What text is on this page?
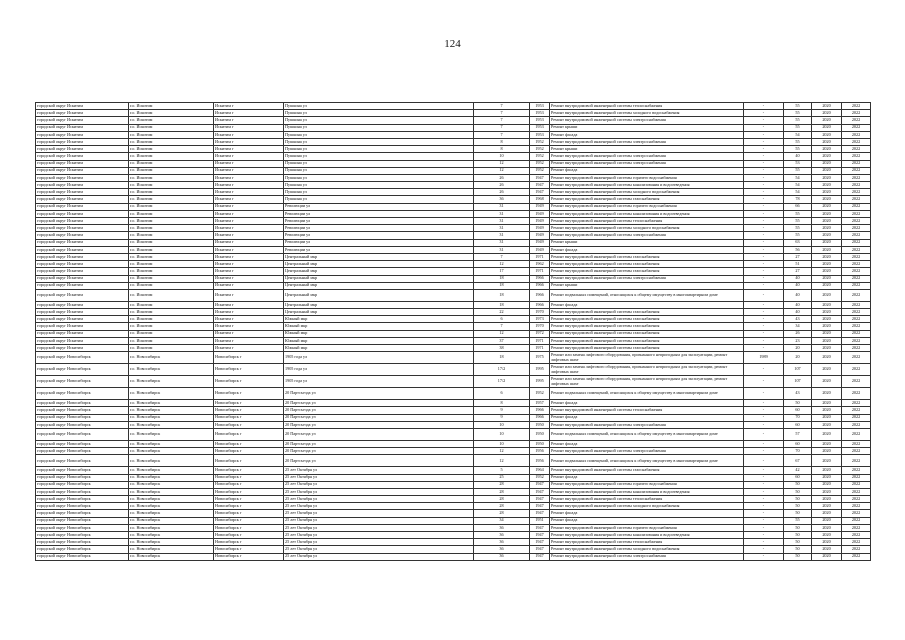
124
городской округ Искитим	г.о. Искитим	Искитим г	Пушкина ул	7	1953	Ремонт внутридомовой инженерной системы теплоснабжения	-	55	2020	2022
городской округ Искитим	г.о. Искитим	Искитим г	Пушкина ул	7	1953	Ремонт внутридомовой инженерной системы холодного водоснабжения	-	55	2020	2022
городской округ Искитим	г.о. Искитим	Искитим г	Пушкина ул	7	1953	Ремонт внутридомовой инженерной системы электроснабжения	-	55	2020	2022
городской округ Искитим	г.о. Искитим	Искитим г	Пушкина ул	7	1953	Ремонт крыши	-	55	2020	2022
городской округ Искитим	г.о. Искитим	Искитим г	Пушкина ул	7	1953	Ремонт фасада	-	54	2020	2022
городской округ Искитим	г.о. Искитим	Искитим г	Пушкина ул	8	1952	Ремонт внутридомовой инженерной системы электроснабжения	-	55	2020	2022
городской округ Искитим	г.о. Искитим	Искитим г	Пушкина ул	8	1952	Ремонт крыши	-	55	2020	2022
городской округ Искитим	г.о. Искитим	Искитим г	Пушкина ул	10	1952	Ремонт внутридомовой инженерной системы электроснабжения	-	40	2020	2022
городской округ Искитим	г.о. Искитим	Искитим г	Пушкина ул	12	1952	Ремонт внутридомовой инженерной системы электроснабжения	-	53	2020	2022
городской округ Искитим	г.о. Искитим	Искитим г	Пушкина ул	12	1952	Ремонт фасада	-	55	2020	2022
городской округ Искитим	г.о. Искитим	Искитим г	Пушкина ул	26	1947	Ремонт внутридомовой инженерной системы горячего водоснабжения	-	54	2020	2022
городской округ Искитим	г.о. Искитим	Искитим г	Пушкина ул	26	1947	Ремонт внутридомовой инженерной системы канализования и водоотведения	-	54	2020	2022
городской округ Искитим	г.о. Искитим	Искитим г	Пушкина ул	26	1947	Ремонт внутридомовой инженерной системы холодного водоснабжения	-	54	2020	2022
городской округ Искитим	г.о. Искитим	Искитим г	Пушкина ул	36	1968	Ремонт внутридомовой инженерной системы газоснабжения	-	78	2020	2022
городской округ Искитим	г.о. Искитим	Искитим г	Революции ул	31	1949	Ремонт внутридомовой инженерной системы горячего водоснабжения	-	66	2020	2022
городской округ Искитим	г.о. Искитим	Искитим г	Революции ул	31	1949	Ремонт внутридомовой инженерной системы канализования и водоотведения	-	55	2020	2022
городской округ Искитим	г.о. Искитим	Искитим г	Революции ул	31	1949	Ремонт внутридомовой инженерной системы теплоснабжения	-	55	2020	2022
городской округ Искитим	г.о. Искитим	Искитим г	Революции ул	31	1949	Ремонт внутридомовой инженерной системы холодного водоснабжения	-	55	2020	2022
городской округ Искитим	г.о. Искитим	Искитим г	Революции ул	31	1949	Ремонт внутридомовой инженерной системы электроснабжения	-	55	2020	2022
городской округ Искитим	г.о. Искитим	Искитим г	Революции ул	31	1949	Ремонт крыши	-	63	2020	2022
городской округ Искитим	г.о. Искитим	Искитим г	Революции ул	31	1949	Ремонт фасада	-	56	2020	2022
городской округ Искитим	г.о. Искитим	Искитим г	Центральный мкр	7	1971	Ремонт внутридомовой инженерной системы газоснабжения	-	27	2020	2022
городской округ Искитим	г.о. Искитим	Искитим г	Центральный мкр	12	1962	Ремонт внутридомовой инженерной системы газоснабжения	-	51	2020	2022
городской округ Искитим	г.о. Искитим	Искитим г	Центральный мкр	17	1971	Ремонт внутридомовой инженерной системы газоснабжения	-	27	2020	2022
городской округ Искитим	г.о. Искитим	Искитим г	Центральный мкр	18	1966	Ремонт внутридомовой инженерной системы электроснабжения	-	40	2020	2022
городской округ Искитим	г.о. Искитим	Искитим г	Центральный мкр	18	1966	Ремонт крыши	-	40	2020	2022
городской округ Искитим	г.о. Искитим	Искитим г	Центральный мкр	18	1966	Ремонт подвальных помещений, относящихся к общему имуществу в многоквартирном доме	-	40	2020	2022
городской округ Искитим	г.о. Искитим	Искитим г	Центральный мкр	18	1966	Ремонт фасада	-	40	2020	2022
городской округ Искитим	г.о. Искитим	Искитим г	Центральный мкр	22	1970	Ремонт внутридомовой инженерной системы газоснабжения	-	40	2020	2022
городской округ Искитим	г.о. Искитим	Искитим г	Южный мкр	6	1973	Ремонт внутридомовой инженерной системы газоснабжения	-	43	2020	2022
городской округ Искитим	г.о. Искитим	Искитим г	Южный мкр	7	1970	Ремонт внутридомовой инженерной системы газоснабжения	-	34	2020	2022
городской округ Искитим	г.о. Искитим	Искитим г	Южный мкр	12	1972	Ремонт внутридомовой инженерной системы газоснабжения	-	26	2020	2022
городской округ Искитим	г.о. Искитим	Искитим г	Южный мкр	37	1971	Ремонт внутридомовой инженерной системы газоснабжения	-	23	2020	2022
городской округ Искитим	г.о. Искитим	Искитим г	Южный мкр	38	1971	Ремонт внутридомовой инженерной системы газоснабжения	-	20	2020	2022
городской округ Новосибирск	г.о. Новосибирск	Новосибирск г	1905 года ул	18	1975	Ремонт или замена лифтового оборудования, признанного непригодным для эксплуатации, ремонт лифтовых шахт	1989	20	2020	2022
городской округ Новосибирск	г.о. Новосибирск	Новосибирск г	1905 года ул	17/2	1995	Ремонт или замена лифтового оборудования, признанного непригодным для эксплуатации, ремонт лифтовых шахт	-	107	2020	2022
городской округ Новосибирск	г.о. Новосибирск	Новосибирск г	1905 года ул	17/2	1995	Ремонт или замена лифтового оборудования, признанного непригодным для эксплуатации, ремонт лифтовых шахт	-	107	2020	2022
городской округ Новосибирск	г.о. Новосибирск	Новосибирск г	20 Партсъезда ул	6	1952	Ремонт подвальных помещений, относящихся к общему имуществу в многоквартирном доме	-	43	2020	2022
городской округ Новосибирск	г.о. Новосибирск	Новосибирск г	20 Партсъезда ул	8	1957	Ремонт фасада	-	50	2020	2022
городской округ Новосибирск	г.о. Новосибирск	Новосибирск г	20 Партсъезда ул	9	1966	Ремонт внутридомовой инженерной системы теплоснабжения	-	60	2020	2022
городской округ Новосибирск	г.о. Новосибирск	Новосибирск г	20 Партсъезда ул	9	1966	Ремонт фасада	-	70	2020	2022
городской округ Новосибирск	г.о. Новосибирск	Новосибирск г	20 Партсъезда ул	10	1950	Ремонт внутридомовой инженерной системы электроснабжения	-	60	2020	2022
городской округ Новосибирск	г.о. Новосибирск	Новосибирск г	20 Партсъезда ул	10	1950	Ремонт подвальных помещений, относящихся к общему имуществу в многоквартирном доме	-	57	2020	2022
городской округ Новосибирск	г.о. Новосибирск	Новосибирск г	20 Партсъезда ул	10	1950	Ремонт фасада	-	60	2020	2022
городской округ Новосибирск	г.о. Новосибирск	Новосибирск г	20 Партсъезда ул	12	1956	Ремонт внутридомовой инженерной системы электроснабжения	-	70	2020	2022
городской округ Новосибирск	г.о. Новосибирск	Новосибирск г	20 Партсъезда ул	12	1956	Ремонт подвальных помещений, относящихся к общему имуществу в многоквартирном доме	-	67	2020	2022
городской округ Новосибирск	г.о. Новосибирск	Новосибирск г	25 лет Октября ул	5	1964	Ремонт внутридомовой инженерной системы газоснабжения	-	42	2020	2022
городской округ Новосибирск	г.о. Новосибирск	Новосибирск г	25 лет Октября ул	25	1952	Ремонт фасада	-	60	2020	2022
городской округ Новосибирск	г.о. Новосибирск	Новосибирск г	25 лет Октября ул	28	1947	Ремонт внутридомовой инженерной системы горячего водоснабжения	-	50	2020	2022
городской округ Новосибирск	г.о. Новосибирск	Новосибирск г	25 лет Октября ул	28	1947	Ремонт внутридомовой инженерной системы канализования и водоотведения	-	50	2020	2022
городской округ Новосибирск	г.о. Новосибирск	Новосибирск г	25 лет Октября ул	28	1947	Ремонт внутридомовой инженерной системы теплоснабжения	-	50	2020	2022
городской округ Новосибирск	г.о. Новосибирск	Новосибирск г	25 лет Октября ул	28	1947	Ремонт внутридомовой инженерной системы холодного водоснабжения	-	50	2020	2022
городской округ Новосибирск	г.о. Новосибирск	Новосибирск г	25 лет Октября ул	28	1947	Ремонт фасада	-	50	2020	2022
городской округ Новосибирск	г.о. Новосибирск	Новосибирск г	25 лет Октября ул	34	1951	Ремонт фасада	-	55	2020	2022
городской округ Новосибирск	г.о. Новосибирск	Новосибирск г	25 лет Октября ул	36	1947	Ремонт внутридомовой инженерной системы горячего водоснабжения	-	50	2020	2022
городской округ Новосибирск	г.о. Новосибирск	Новосибирск г	25 лет Октября ул	36	1947	Ремонт внутридомовой инженерной системы канализования и водоотведения	-	50	2020	2022
городской округ Новосибирск	г.о. Новосибирск	Новосибирск г	25 лет Октября ул	36	1947	Ремонт внутридомовой инженерной системы теплоснабжения	-	50	2020	2022
городской округ Новосибирск	г.о. Новосибирск	Новосибирск г	25 лет Октября ул	36	1947	Ремонт внутридомовой инженерной системы холодного водоснабжения	-	50	2020	2022
городской округ Новосибирск	г.о. Новосибирск	Новосибирск г	25 лет Октября ул	36	1947	Ремонт внутридомовой инженерной системы электроснабжения	-	50	2020	2022
